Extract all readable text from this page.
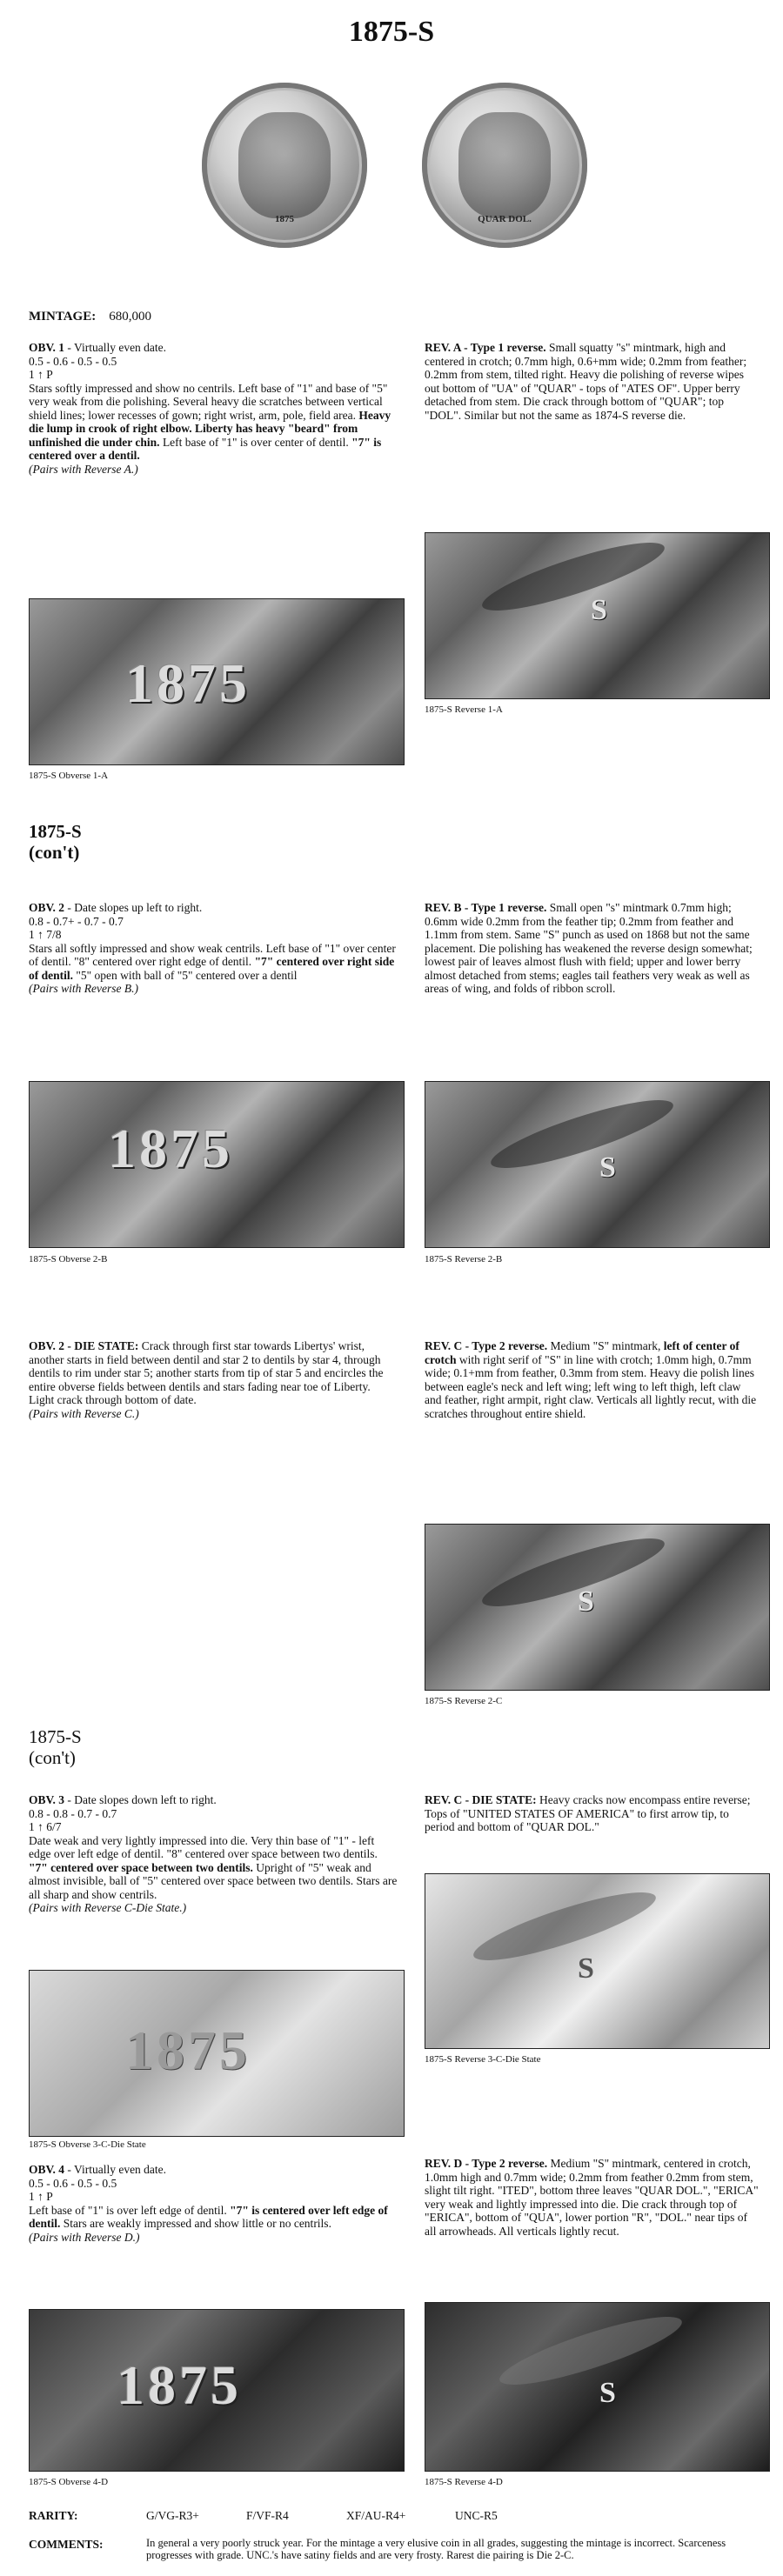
1875-S
1875	QUAR DOL.
MINTAGE: 680,000

OBV. 1 - Virtually even date.

0.5 - 0.6 - 0.5 - 0.5

1 ↑ P

Stars softly impressed and show no centrils. Left base of "1" and base of "5" very weak from die polishing. Several heavy die scratches between vertical shield lines; lower recesses of gown; right wrist, arm, pole, field area. Heavy die lump in crook of right elbow. Liberty has heavy "beard" from unfinished die under chin. Left base of "1" is over center of dentil. "7" is centered over a dentil.

(Pairs with Reverse A.)

1875
1875-S Obverse 1-A

REV. A - Type 1 reverse. Small squatty "s" mintmark, high and centered in crotch; 0.7mm high, 0.6+mm wide; 0.2mm from feather; 0.2mm from stem, tilted right. Heavy die polishing of reverse wipes out bottom of "UA" of "QUAR" - tops of "ATES OF". Upper berry detached from stem. Die crack through bottom of "QUAR"; top "DOL". Similar but not the same as 1874-S reverse die.

S
1875-S Reverse 1-A
1875-S
(con't)

OBV. 2 - Date slopes up left to right.

0.8 - 0.7+ - 0.7 - 0.7

1 ↑ 7/8

Stars all softly impressed and show weak centrils. Left base of "1" over center of dentil. "8" centered over right edge of dentil. "7" centered over right side of dentil. "5" open with ball of "5" centered over a dentil

(Pairs with Reverse B.)

1875
1875-S Obverse 2-B

REV. B - Type 1 reverse. Small open "s" mintmark 0.7mm high; 0.6mm wide 0.2mm from the feather tip; 0.2mm from feather and 1.1mm from stem. Same "S" punch as used on 1868 but not the same placement. Die polishing has weakened the reverse design somewhat; lowest pair of leaves almost flush with field; upper and lower berry almost detached from stems; eagles tail feathers very weak as well as areas of wing, and folds of ribbon scroll.

S
1875-S Reverse 2-B

OBV. 2 - DIE STATE: Crack through first star towards Libertys' wrist, another starts in field between dentil and star 2 to dentils by star 4, through dentils to rim under star 5; another starts from tip of star 5 and encircles the entire obverse fields between dentils and stars fading near toe of Liberty. Light crack through bottom of date.

(Pairs with Reverse C.)

REV. C - Type 2 reverse. Medium "S" mintmark, left of center of crotch with right serif of "S" in line with crotch; 1.0mm high, 0.7mm wide; 0.1+mm from feather, 0.3mm from stem. Heavy die polish lines between eagle's neck and left wing; left wing to left thigh, left claw and feather, right armpit, right claw. Verticals all lightly recut, with die scratches throughout entire shield.

S
1875-S Reverse 2-C
1875-S
(con't)

OBV. 3 - Date slopes down left to right.

0.8 - 0.8 - 0.7 - 0.7

1 ↑ 6/7

Date weak and very lightly impressed into die. Very thin base of "1" - left edge over left edge of dentil. "8" centered over space between two dentils. "7" centered over space between two dentils. Upright of "5" weak and almost invisible, ball of "5" centered over space between two dentils. Stars are all sharp and show centrils.

(Pairs with Reverse C-Die State.)

1875
1875-S Obverse 3-C-Die State

REV. C - DIE STATE: Heavy cracks now encompass entire reverse; Tops of "UNITED STATES OF AMERICA" to first arrow tip, to period and bottom of "QUAR DOL."

S
1875-S Reverse 3-C-Die State

OBV. 4 - Virtually even date.

0.5 - 0.6 - 0.5 - 0.5

1 ↑ P

Left base of "1" is over left edge of dentil. "7" is centered over left edge of dentil. Stars are weakly impressed and show little or no centrils.

(Pairs with Reverse D.)

1875
1875-S Obverse 4-D

REV. D - Type 2 reverse. Medium "S" mintmark, centered in crotch, 1.0mm high and 0.7mm wide; 0.2mm from feather 0.2mm from stem, slight tilt right. "ITED", bottom three leaves "QUAR DOL.", "ERICA" very weak and lightly impressed into die. Die crack through top of "ERICA", bottom of "QUA", lower portion "R", "DOL." near tips of all arrowheads. All verticals lightly recut.

S
1875-S Reverse 4-D
RARITY:	G/VG-R3+	F/VF-R4	XF/AU-R4+	UNC-R5
COMMENTS:	In general a very poorly struck year. For the mintage a very elusive coin in all grades, suggesting the mintage is incorrect. Scarceness progresses with grade. UNC.'s have satiny fields and are very frosty. Rarest die pairing is Die 2-C.
